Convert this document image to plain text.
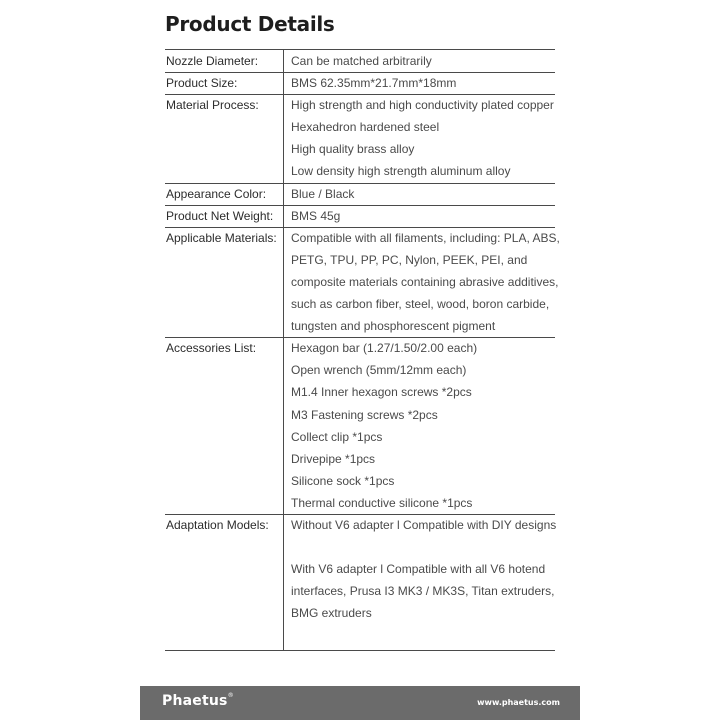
Product Details
Nozzle Diameter:	Can be matched arbitrarily
Product Size:	BMS 62.35mm*21.7mm*18mm
Material Process:	High strength and high conductivity plated copper
Hexahedron hardened steel
High quality brass alloy
Low density high strength aluminum alloy
Appearance Color: Blue / Black
Product Net Weight: BMS 45g
Applicable Materials: Compatible with all filaments, including: PLA, ABS,
PETG, TPU, PP, PC, Nylon, PEEK, PEI, and
composite materials containing abrasive additives,
such as carbon fiber, steel, wood, boron carbide,
tungsten and phosphorescent pigment
Accessories List:	Hexagon bar (1.27/1.50/2.00 each)
Open wrench (5mm/12mm each)
M1.4 Inner hexagon screws *2pcs
M3 Fastening screws *2pcs
Collect clip *1pcs
Drivepipe *1pcs
Silicone sock *1pcs
Thermal conductive silicone *1pcs
Adaptation Models: Without V6 adapter l Compatible with DIY designs
With V6 adapter l Compatible with all V6 hotend
interfaces, Prusa I3 MK3 / MK3S, Titan extruders,
BMG extruders
Phaetus®
www.phaetus.com
